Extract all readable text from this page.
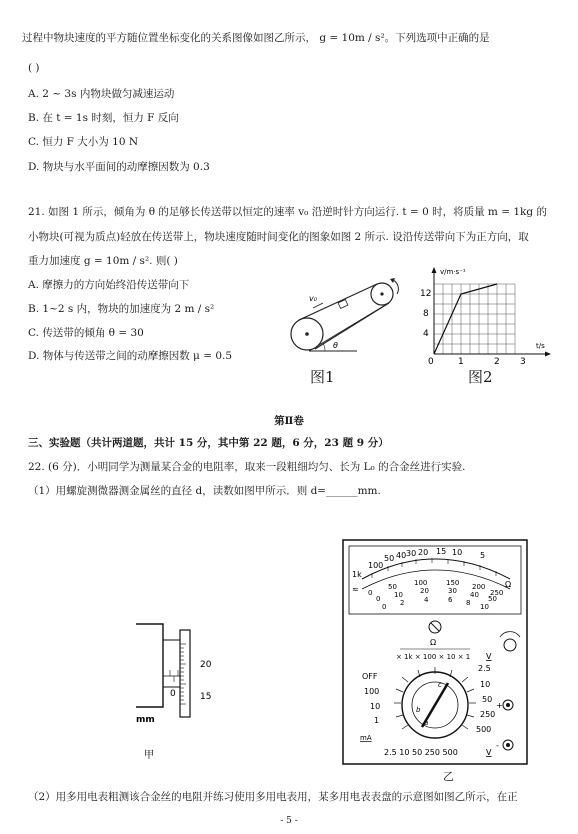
过程中物块速度的平方随位置坐标变化的关系图像如图乙所示， g = 10m / s²。下列选项中正确的是
( )
A. 2 ~ 3s 内物块做匀减速运动
B. 在 t = 1s 时刻，恒力 F 反向
C. 恒力 F 大小为 10 N
D. 物块与水平面间的动摩擦因数为 0.3
21. 如图 1 所示，倾角为 θ 的足够长传送带以恒定的速率 v₀ 沿逆时针方向运行. t = 0 时，将质量 m = 1kg 的
小物块(可视为质点)轻放在传送带上，物块速度随时间变化的图象如图 2 所示. 设沿传送带向下为正方向，取
重力加速度 g = 10m / s². 则( )
A. 摩擦力的方向始终沿传送带向下
B. 1~2 s 内，物块的加速度为 2 m / s²
C. 传送带的倾角 θ = 30
D. 物体与传送带之间的动摩擦因数 μ = 0.5
v₀
θ
图1
v/m·s⁻¹
t/s
12
8
4
0	1	2 3
图2
第Ⅱ卷
三、实验题（共计两道题，共计 15 分，其中第 22 题，6 分，23 题 9 分）
22. (6 分)．小明同学为测量某合金的电阻率，取来一段粗细均匀、长为 L₀ 的合金丝进行实验.
（1）用螺旋测微器测金属丝的直径 d，读数如图甲所示．则 d=______mm.
20
15
0
mm
甲
1k
100
50 40 30 20 15 10 5
Ω
≈ 0
50 100	150 200
250
0 10 20	30 40 50
0 2	4	6 8 10
Ω
× 1k × 100 × 10 × 1
OFF
100
10
1
mA
2.5
10
50
250
500
V
2.5 10 50 250 500	V
c
b
a
+
-
乙
（2）用多用电表粗测该合金丝的电阻并练习使用多用电表用，某多用电表表盘的示意图如图乙所示，在正
- 5 -
